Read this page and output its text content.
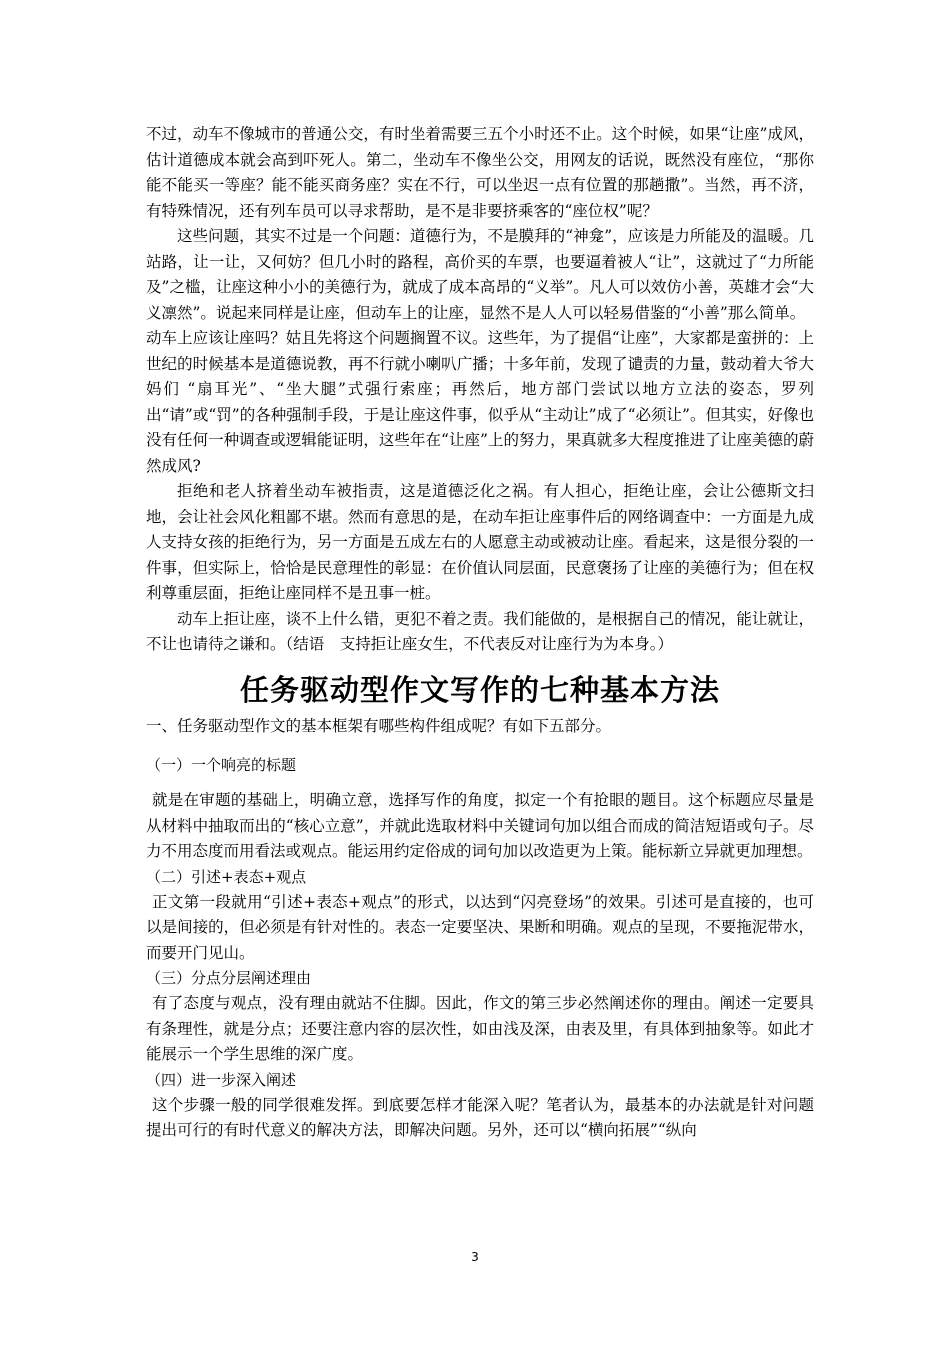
不过，动车不像城市的普通公交，有时坐着需要三五个小时还不止。这个时候，如果“让座”成风，估计道德成本就会高到吓死人。第二，坐动车不像坐公交，用网友的话说，既然没有座位，“那你能不能买一等座？能不能买商务座？实在不行，可以坐迟一点有位置的那趟撒”。当然，再不济，有特殊情况，还有列车员可以寻求帮助，是不是非要挤乘客的“座位权”呢？

这些问题，其实不过是一个问题：道德行为，不是膜拜的“神龛”，应该是力所能及的温暖。几站路，让一让，又何妨？但几小时的路程，高价买的车票，也要逼着被人“让”，这就过了“力所能及”之槛，让座这种小小的美德行为，就成了成本高昂的“义举”。凡人可以效仿小善，英雄才会“大义凛然”。说起来同样是让座，但动车上的让座，显然不是人人可以轻易借鉴的“小善”那么简单。

动车上应该让座吗？姑且先将这个问题搁置不议。这些年，为了提倡“让座”，大家都是蛮拼的：上世纪的时候基本是道德说教，再不行就小喇叭广播；十多年前，发现了谴责的力量，鼓动着大爷大妈们 “扇耳光”、“坐大腿”式强行索座；再然后，地方部门尝试以地方立法的姿态，罗列出“请”或“罚”的各种强制手段，于是让座这件事，似乎从“主动让”成了“必须让”。但其实，好像也没有任何一种调查或逻辑能证明，这些年在“让座”上的努力，果真就多大程度推进了让座美德的蔚然成风?

拒绝和老人挤着坐动车被指责，这是道德泛化之祸。有人担心，拒绝让座，会让公德斯文扫地，会让社会风化粗鄙不堪。然而有意思的是，在动车拒让座事件后的网络调查中：一方面是九成人支持女孩的拒绝行为，另一方面是五成左右的人愿意主动或被动让座。看起来，这是很分裂的一件事，但实际上，恰恰是民意理性的彰显：在价值认同层面，民意褒扬了让座的美德行为；但在权利尊重层面，拒绝让座同样不是丑事一桩。

动车上拒让座，谈不上什么错，更犯不着之责。我们能做的，是根据自己的情况，能让就让，不让也请待之谦和。（结语　支持拒让座女生，不代表反对让座行为为本身。）

任务驱动型作文写作的七种基本方法

一、任务驱动型作文的基本框架有哪些构件组成呢？有如下五部分。

（一）一个响亮的标题

就是在审题的基础上，明确立意，选择写作的角度，拟定一个有抢眼的题目。这个标题应尽量是从材料中抽取而出的“核心立意”，并就此选取材料中关键词句加以组合而成的简洁短语或句子。尽力不用态度而用看法或观点。能运用约定俗成的词句加以改造更为上策。能标新立异就更加理想。

（二）引述+表态+观点

正文第一段就用“引述+表态+观点”的形式，以达到“闪亮登场”的效果。引述可是直接的，也可以是间接的，但必须是有针对性的。表态一定要坚决、果断和明确。观点的呈现，不要拖泥带水，而要开门见山。

（三）分点分层阐述理由

有了态度与观点，没有理由就站不住脚。因此，作文的第三步必然阐述你的理由。阐述一定要具有条理性，就是分点；还要注意内容的层次性，如由浅及深，由表及里，有具体到抽象等。如此才能展示一个学生思维的深广度。

（四）进一步深入阐述

这个步骤一般的同学很难发挥。到底要怎样才能深入呢？笔者认为，最基本的办法就是针对问题提出可行的有时代意义的解决方法，即解决问题。另外，还可以“横向拓展”“纵向

3
